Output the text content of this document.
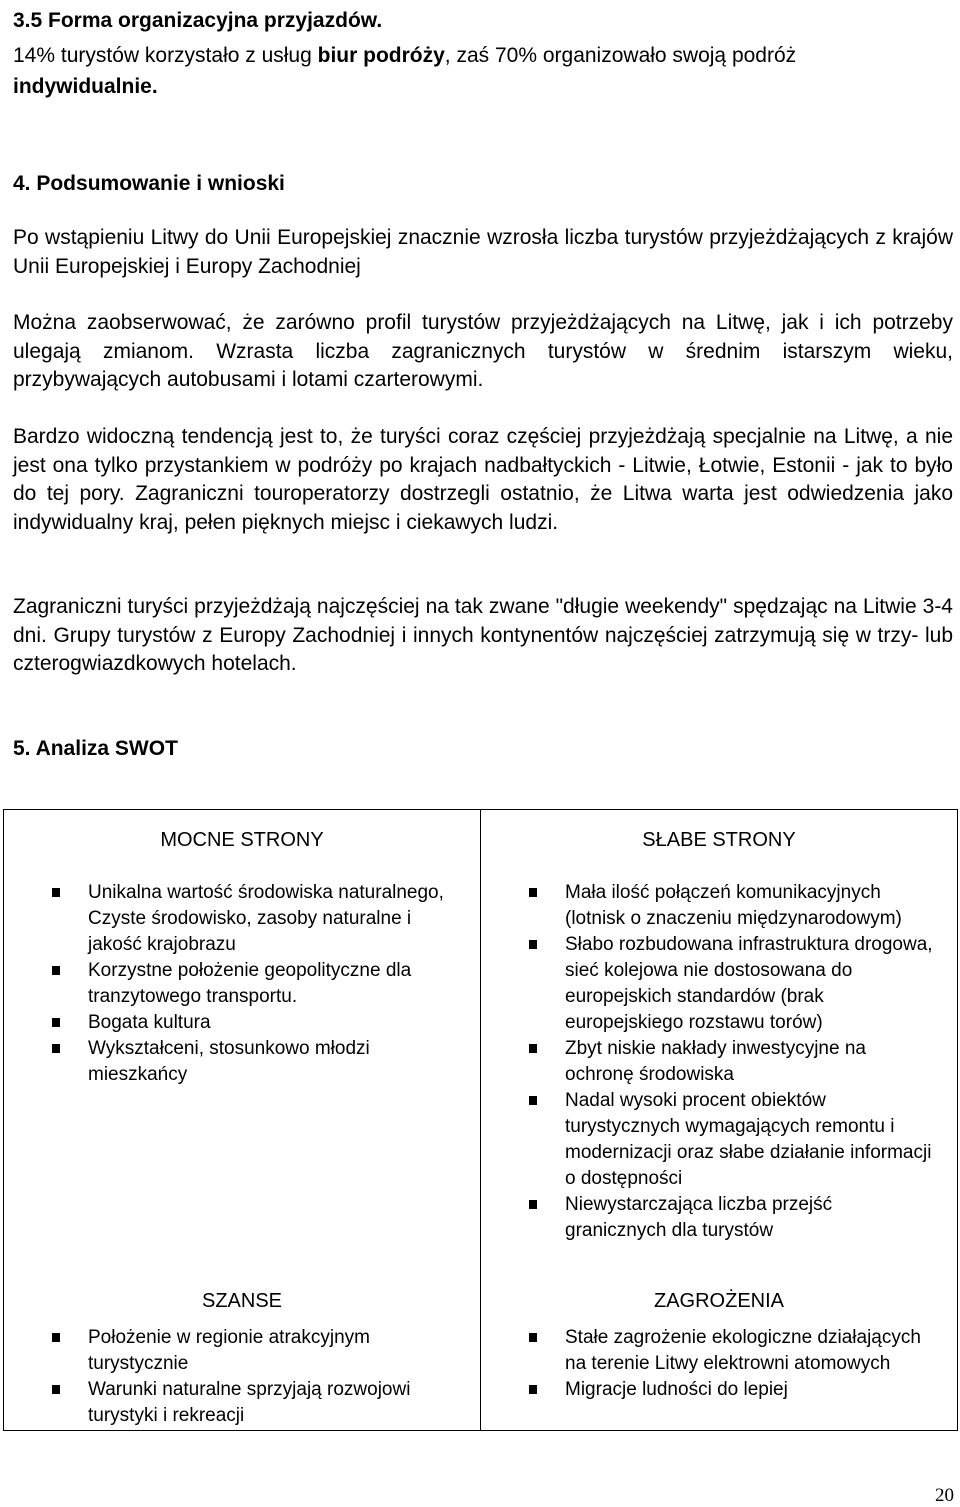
3.5 Forma organizacyjna przyjazdów.

14% turystów korzystało z usług biur podróży, zaś 70% organizowało swoją podróż
indywidualnie.

4. Podsumowanie i wnioski

Po wstąpieniu Litwy do Unii Europejskiej znacznie wzrosła liczba turystów przyjeżdżających z krajów Unii Europejskiej i Europy Zachodniej

Można zaobserwować, że zarówno profil turystów przyjeżdżających na Litwę, jak i ich potrzeby ulegają zmianom. Wzrasta liczba zagranicznych turystów w średnim istarszym wieku, przybywających autobusami i lotami czarterowymi.

Bardzo widoczną tendencją jest to, że turyści coraz częściej przyjeżdżają specjalnie na Litwę, a nie jest ona tylko przystankiem w podróży po krajach nadbałtyckich - Litwie, Łotwie, Estonii - jak to było do tej pory. Zagraniczni touroperatorzy dostrzegli ostatnio, że Litwa warta jest odwiedzenia jako indywidualny kraj, pełen pięknych miejsc i ciekawych ludzi.

Zagraniczni turyści przyjeżdżają najczęściej na tak zwane "długie weekendy" spędzając na Litwie 3-4 dni. Grupy turystów z Europy Zachodniej i innych kontynentów najczęściej zatrzymują się w trzy- lub czterogwiazdkowych hotelach.

5. Analiza SWOT
MOCNE STRONY
Unikalna wartość środowiska naturalnego, Czyste środowisko, zasoby naturalne i jakość krajobrazu
Korzystne położenie geopolityczne dla tranzytowego transportu.
Bogata kultura
Wykształceni, stosunkowo młodzi mieszkańcy
SŁABE STRONY
Mała ilość połączeń komunikacyjnych (lotnisk o znaczeniu międzynarodowym)
Słabo rozbudowana infrastruktura drogowa, sieć kolejowa nie dostosowana do europejskich standardów (brak europejskiego rozstawu torów)
Zbyt niskie nakłady inwestycyjne na ochronę środowiska
Nadal wysoki procent obiektów turystycznych wymagających remontu i modernizacji oraz słabe działanie informacji o dostępności
Niewystarczająca liczba przejść granicznych dla turystów
SZANSE
Położenie w regionie atrakcyjnym turystycznie
Warunki naturalne sprzyjają rozwojowi turystyki i rekreacji
ZAGROŻENIA
Stałe zagrożenie ekologiczne działających na terenie Litwy elektrowni atomowych
Migracje ludności do lepiej
20
